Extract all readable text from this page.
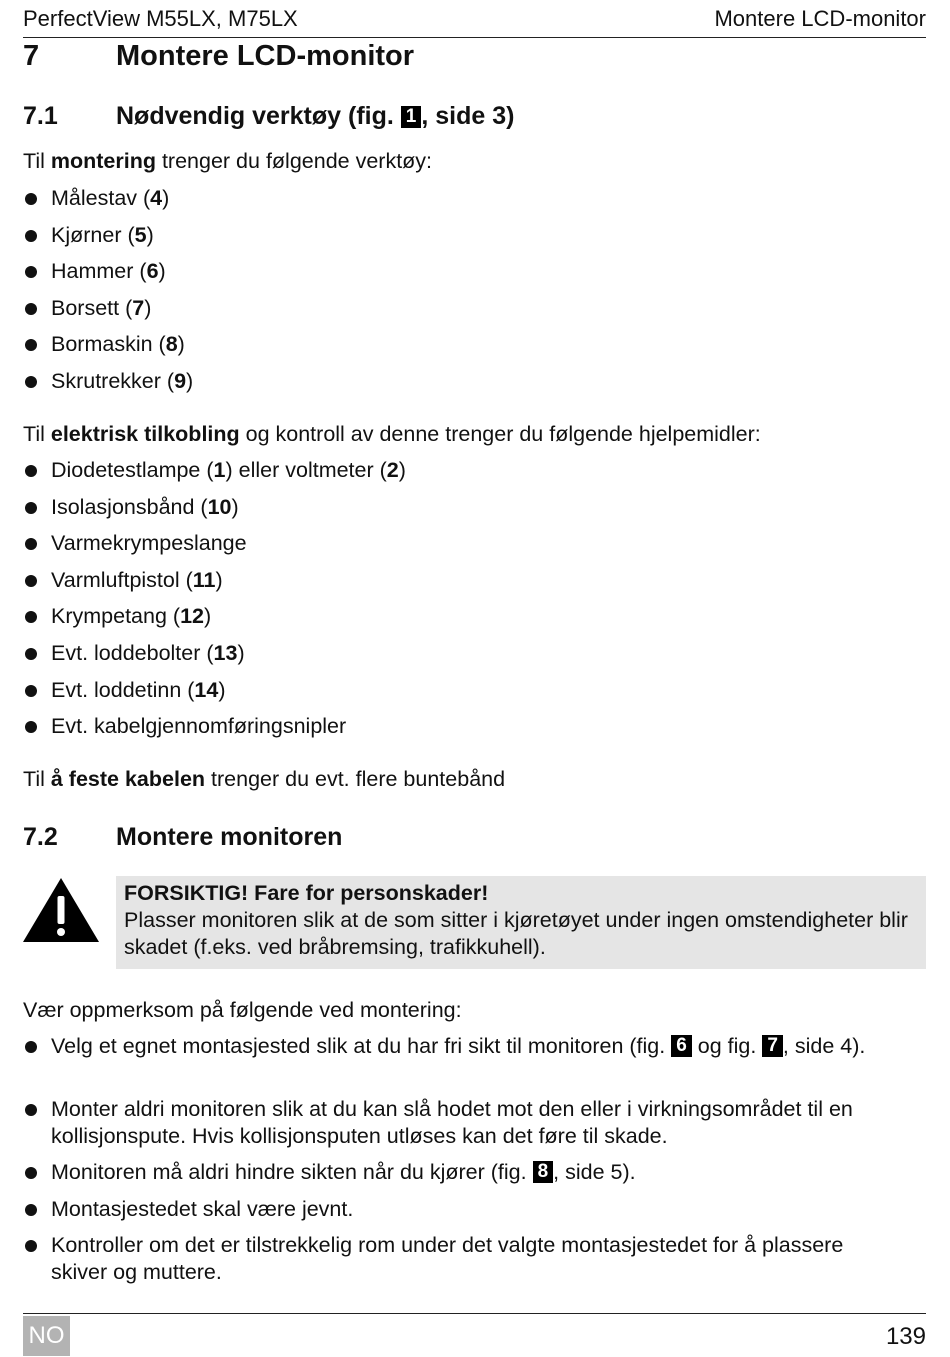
PerfectView M55LX, M75LX	Montere LCD-monitor
7	Montere LCD-monitor
7.1 Nødvendig verktøy (fig. 1 , side 3)
Til montering trenger du følgende verktøy:
Målestav (4)
Kjørner (5)
Hammer (6)
Borsett (7)
Bormaskin (8)
Skrutrekker (9)
Til elektrisk tilkobling og kontroll av denne trenger du følgende hjelpemidler:
Diodetestlampe (1) eller voltmeter (2)
Isolasjonsbånd (10)
Varmekrympeslange
Varmluftpistol (11)
Krympetang (12)
Evt. loddebolter (13)
Evt. loddetinn (14)
Evt. kabelgjennomføringsnipler
Til å feste kabelen trenger du evt. flere buntebånd
7.2 Montere monitoren
FORSIKTIG! Fare for personskader!
Plasser monitoren slik at de som sitter i kjøretøyet under ingen omstendigheter blir skadet (f.eks. ved bråbremsing, trafikkuhell).
Vær oppmerksom på følgende ved montering:
Velg et egnet montasjested slik at du har fri sikt til monitoren (fig. 6 og fig. 7 , side 4).
Monter aldri monitoren slik at du kan slå hodet mot den eller i virkningsområdet til en kollisjonspute. Hvis kollisjonsputen utløses kan det føre til skade.
Monitoren må aldri hindre sikten når du kjører (fig. 8 , side 5).
Montasjestedet skal være jevnt.
Kontroller om det er tilstrekkelig rom under det valgte montasjestedet for å plassere skiver og muttere.
NO	139
